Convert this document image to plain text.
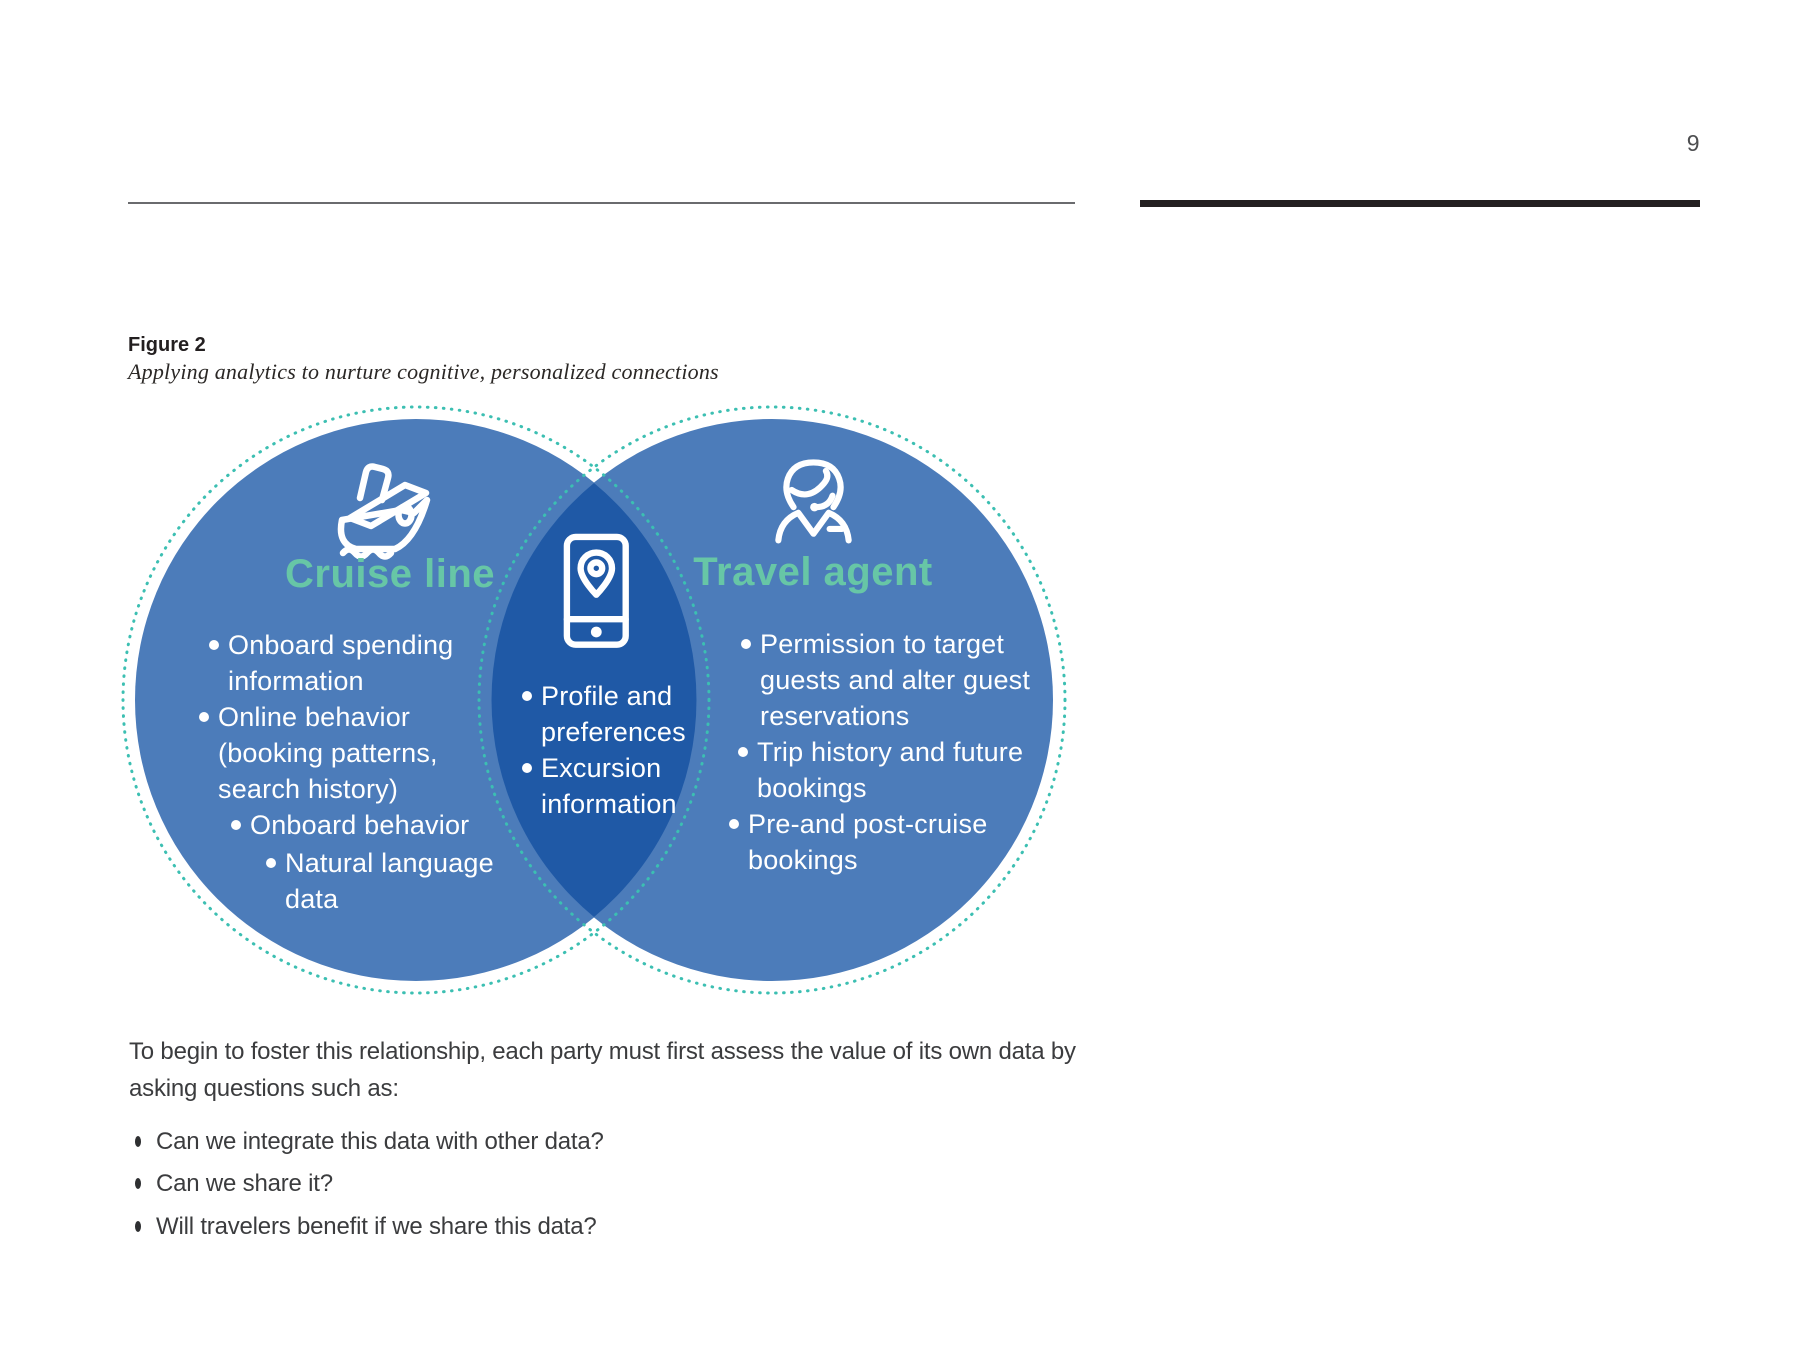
9
Figure 2
Applying analytics to nurture cognitive, personalized connections
Cruise line	Travel agent
Onboard spending
information
Online behavior
(booking patterns,
search history)
Onboard behavior
Natural language
data
Profile and
preferences
Excursion
information
Permission to target
guests and alter guest
reservations
Trip history and future
bookings
Pre-and post-cruise
bookings
To begin to foster this relationship, each party must first assess the value of its own data by
asking questions such as:
Can we integrate this data with other data?
Can we share it?
Will travelers benefit if we share this data?
